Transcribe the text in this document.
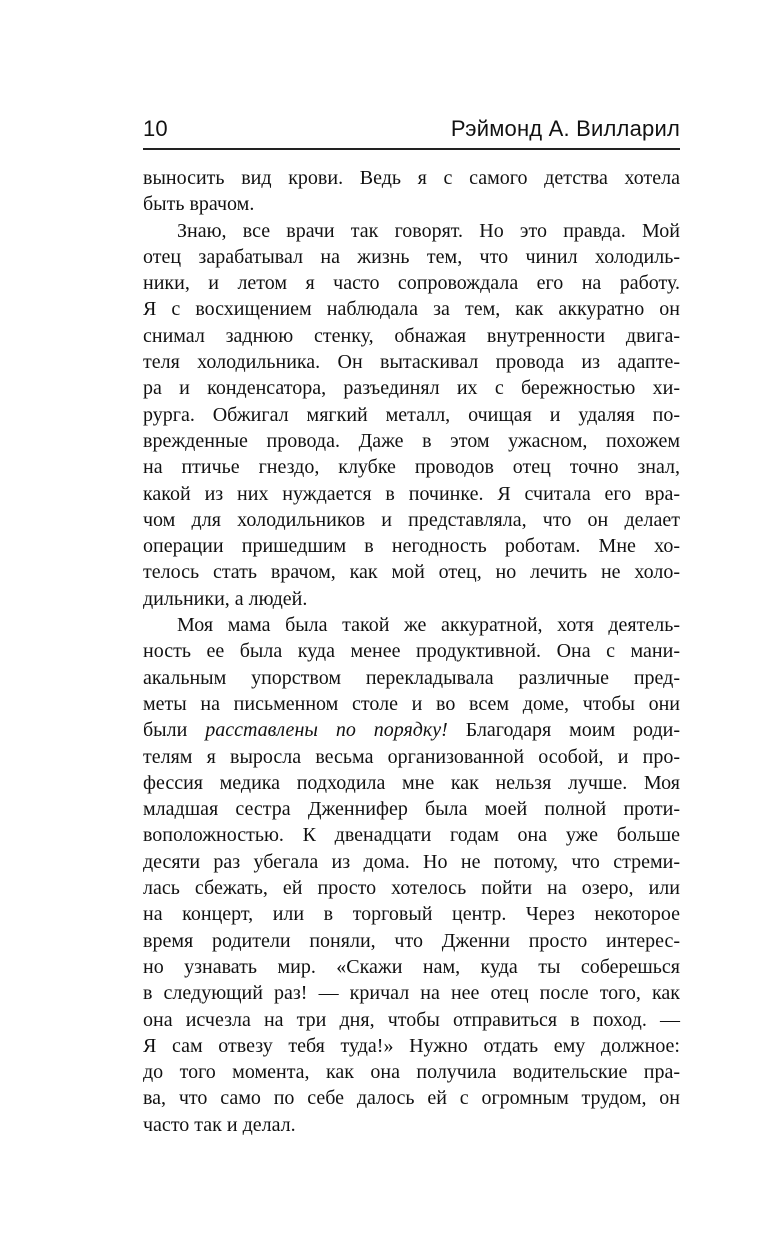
10	Рэймонд А. Вилларил
выносить вид крови. Ведь я с самого детства хотела
быть врачом.
Знаю, все врачи так говорят. Но это правда. Мой
отец зарабатывал на жизнь тем, что чинил холодиль-
ники, и летом я часто сопровождала его на работу.
Я с восхищением наблюдала за тем, как аккуратно он
снимал заднюю стенку, обнажая внутренности двига-
теля холодильника. Он вытаскивал провода из адапте-
ра и конденсатора, разъединял их с бережностью хи-
рурга. Обжигал мягкий металл, очищая и удаляя по-
врежденные провода. Даже в этом ужасном, похожем
на птичье гнездо, клубке проводов отец точно знал,
какой из них нуждается в починке. Я считала его вра-
чом для холодильников и представляла, что он делает
операции пришедшим в негодность роботам. Мне хо-
телось стать врачом, как мой отец, но лечить не холо-
дильники, а людей.
Моя мама была такой же аккуратной, хотя деятель-
ность ее была куда менее продуктивной. Она с мани-
акальным упорством перекладывала различные пред-
меты на письменном столе и во всем доме, чтобы они
были расставлены по порядку! Благодаря моим роди-
телям я выросла весьма организованной особой, и про-
фессия медика подходила мне как нельзя лучше. Моя
младшая сестра Дженнифер была моей полной проти-
воположностью. К двенадцати годам она уже больше
десяти раз убегала из дома. Но не потому, что стреми-
лась сбежать, ей просто хотелось пойти на озеро, или
на концерт, или в торговый центр. Через некоторое
время родители поняли, что Дженни просто интерес-
но узнавать мир. «Скажи нам, куда ты соберешься
в следующий раз! — кричал на нее отец после того, как
она исчезла на три дня, чтобы отправиться в поход. —
Я сам отвезу тебя туда!» Нужно отдать ему должное:
до того момента, как она получила водительские пра-
ва, что само по себе далось ей с огромным трудом, он
часто так и делал.
